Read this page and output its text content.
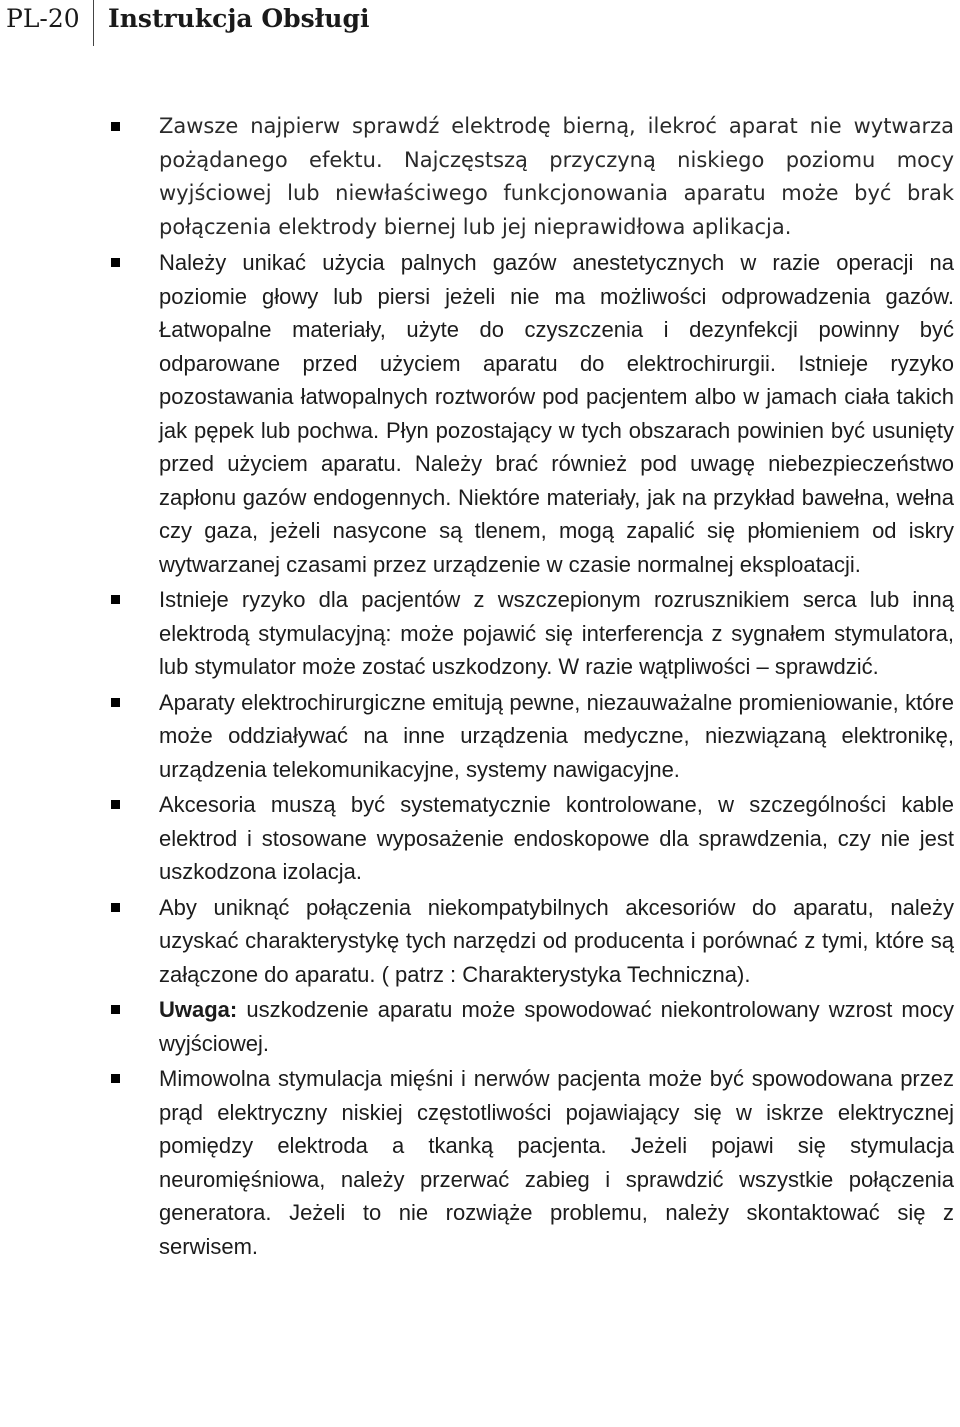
PL-20 Instrukcja Obsługi
Zawsze najpierw sprawdź elektrodę bierną, ilekroć aparat nie wytwarza pożądanego efektu. Najczęstszą przyczyną niskiego poziomu mocy wyjściowej lub niewłaściwego funkcjonowania aparatu może być brak połączenia elektrody biernej lub jej nieprawidłowa aplikacja.
Należy unikać użycia palnych gazów anestetycznych w razie operacji na poziomie głowy lub piersi jeżeli nie ma możliwości odprowadzenia gazów. Łatwopalne materiały, użyte do czyszczenia i dezynfekcji powinny być odparowane przed użyciem aparatu do elektrochirurgii. Istnieje ryzyko pozostawania łatwopalnych roztworów pod pacjentem albo w jamach ciała takich jak pępek lub pochwa. Płyn pozostający w tych obszarach powinien być usunięty przed użyciem aparatu. Należy brać również pod uwagę niebezpieczeństwo zapłonu gazów endogennych. Niektóre materiały, jak na przykład bawełna, wełna czy gaza, jeżeli nasycone są tlenem, mogą zapalić się płomieniem od iskry wytwarzanej czasami przez urządzenie w czasie normalnej eksploatacji.
Istnieje ryzyko dla pacjentów z wszczepionym rozrusznikiem serca lub inną elektrodą stymulacyjną: może pojawić się interferencja z sygnałem stymulatora, lub stymulator może zostać uszkodzony. W razie wątpliwości – sprawdzić.
Aparaty elektrochirurgiczne emitują pewne, niezauważalne promieniowanie, które może oddziaływać na inne urządzenia medyczne, niezwiązaną elektronikę, urządzenia telekomunikacyjne, systemy nawigacyjne.
Akcesoria muszą być systematycznie kontrolowane, w szczególności kable elektrod i stosowane wyposażenie endoskopowe dla sprawdzenia, czy nie jest uszkodzona izolacja.
Aby uniknąć połączenia niekompatybilnych akcesoriów do aparatu, należy uzyskać charakterystykę tych narzędzi od producenta i porównać z tymi, które są załączone do aparatu. ( patrz : Charakterystyka Techniczna).
Uwaga: uszkodzenie aparatu może spowodować niekontrolowany wzrost mocy wyjściowej.
Mimowolna stymulacja mięśni i nerwów pacjenta może być spowodowana przez prąd elektryczny niskiej częstotliwości pojawiający się w iskrze elektrycznej pomiędzy elektroda a tkanką pacjenta. Jeżeli pojawi się stymulacja neuromięśniowa, należy przerwać zabieg i sprawdzić wszystkie połączenia generatora. Jeżeli to nie rozwiąże problemu, należy skontaktować się z serwisem.
